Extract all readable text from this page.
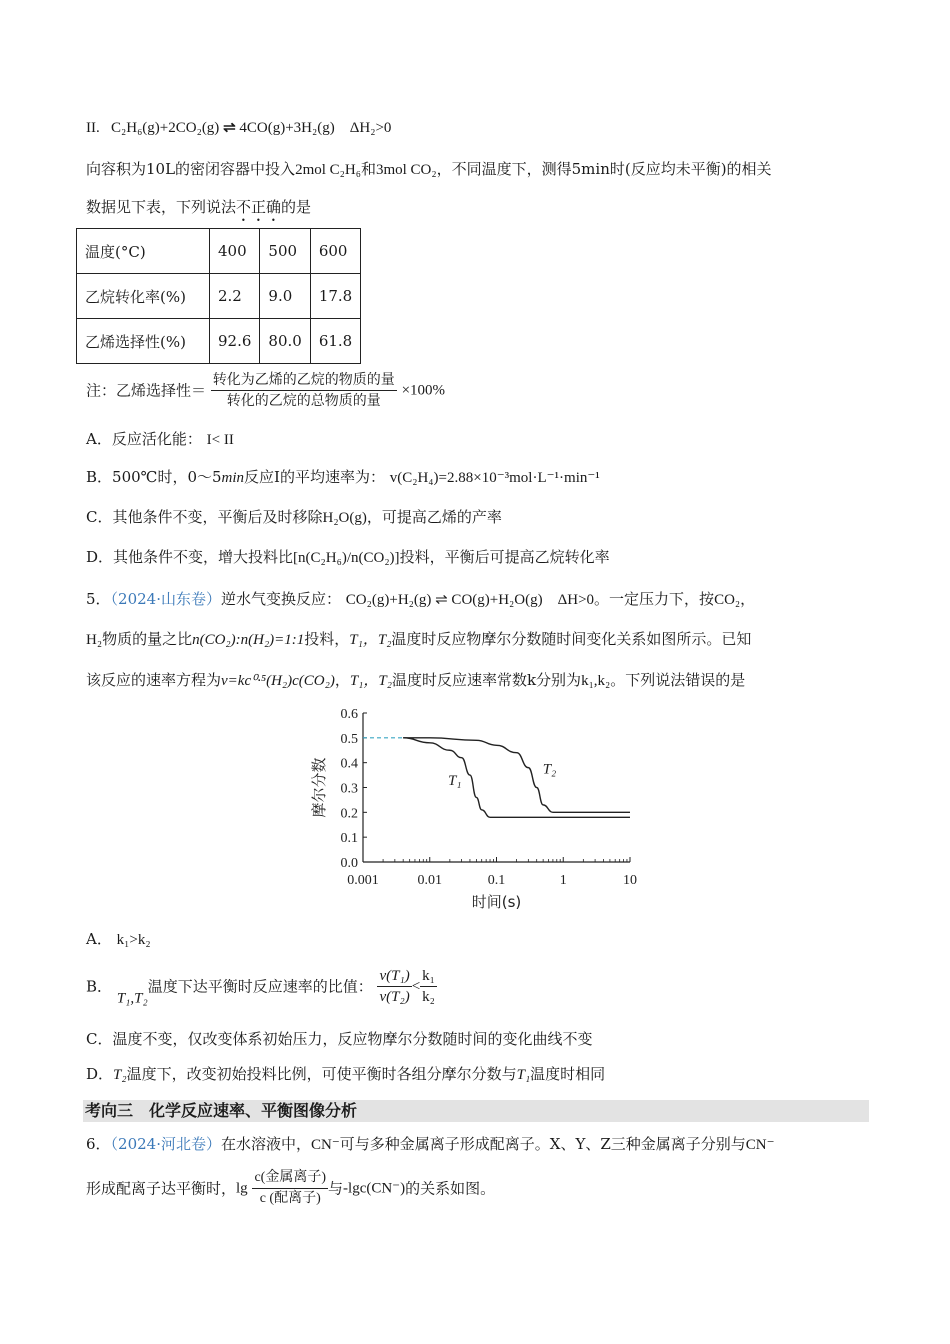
II. C₂H₆(g)+2CO₂(g) ⇌ 4CO(g)+3H₂(g) ΔH₂>0
向容积为10L的密闭容器中投入2mol C₂H₆和3mol CO₂，不同温度下，测得5min时(反应均未平衡)的相关
数据见下表，下列说法不正确的是
温度(°C)	400	500	600
乙烷转化率(%)	2.2	9.0	17.8
乙烯选择性(%)	92.6	80.0	61.8
注：乙烯选择性＝ $\frac{\text{转化为乙烯的乙烷的物质的量}}{\text{转化的乙烷的总物质的量}} \times 100\%$
A．反应活化能： I< II
B．500℃时，0～5min反应Ⅰ的平均速率为： v(C₂H₄)=2.88×10⁻³mol·L⁻¹·min⁻¹
C．其他条件不变，平衡后及时移除H₂O(g)，可提高乙烯的产率
D．其他条件不变，增大投料比[n(C₂H₆)/n(CO₂)]投料，平衡后可提高乙烷转化率
5．（2024·山东卷）逆水气变换反应： CO₂(g)+H₂(g) ⇌ CO(g)+H₂O(g)　ΔH>0。一定压力下，按CO₂，
H₂物质的量之比n(CO₂):n(H₂)=1:1投料，T₁，T₂温度时反应物摩尔分数随时间变化关系如图所示。已知
该反应的速率方程为v=kc⁰·⁵(H₂)c(CO₂)，T₁，T₂温度时反应速率常数k分别为k₁,k₂。下列说法错误的是
0.0
0.1
0.2
0.3
0.4
0.5
0.6
0.001	0.01	0.1	1	10
时间(s)
摩尔分数	T₁
T₂
A． k₁>k₂
B． T₁,T₂温度下达平衡时反应速率的比值： $\frac{\text{v(T₁)}}{\text{v(T₂)}} < \frac{\text{k₁}}{\text{k₂}}$
C．温度不变，仅改变体系初始压力，反应物摩尔分数随时间的变化曲线不变
D．T₂温度下，改变初始投料比例，可使平衡时各组分摩尔分数与T₁温度时相同
考向三　化学反应速率、平衡图像分析
6．（2024·河北卷）在水溶液中，CN⁻可与多种金属离子形成配离子。X、Y、Z三种金属离子分别与CN⁻
形成配离子达平衡时，$\lg \frac{\text{c(金属离子)}}{\text{c (配离子)}}$ 与-lgc(CN⁻)的关系如图。
